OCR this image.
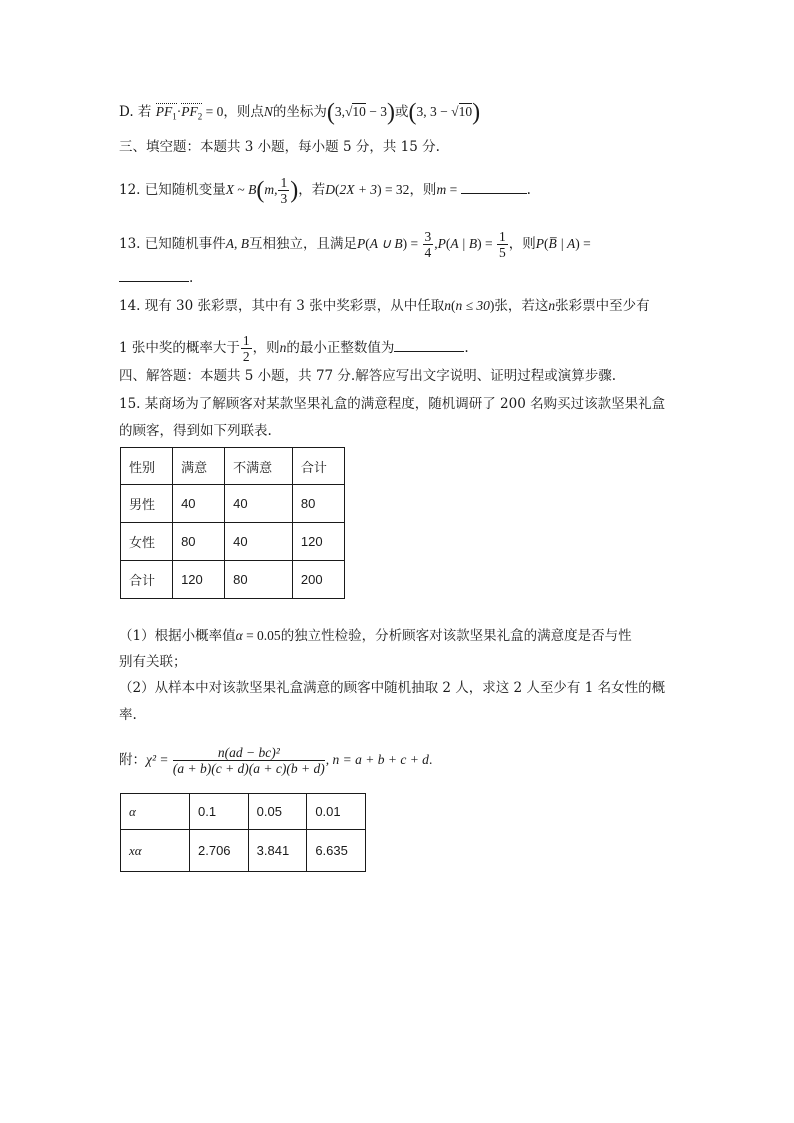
D. 若 $PF_1\cdot PF_2 = 0$，则点N的坐标为(3,√10 − 3)或(3, 3 − √10)
三、填空题：本题共 3 小题，每小题 5 分，共 15 分.
12. 已知随机变量X ~ B(m, $\frac{1}{3}$ )，若D(2X + 3) = 32，则m =	.
13. 已知随机事件A, B互相独立，且满足P(A ∪ $B) = \frac{3}{4} ,P(A$ | $B) = \frac{1}{5}$ ，则P(B̅ | A) =
.
14. 现有 30 张彩票，其中有 3 张中奖彩票，从中任取n(n ≤ 30)张，若这n张彩票中至少有
1 张中奖的概率大于 $\frac{1}{2}$ ，则n的最小正整数值为	.
四、解答题：本题共 5 小题，共 77 分.解答应写出文字说明、证明过程或演算步骤.
15. 某商场为了解顾客对某款坚果礼盒的满意程度，随机调研了 200 名购买过该款坚果礼盒
的顾客，得到如下列联表.
性别	满意	不满意	合计
男性	40	40	80
女性	80	40	120
合计	120	80	200
（1）根据小概率值α = 0.05的独立性检验，分析顾客对该款坚果礼盒的满意度是否与性
别有关联；
（2）从样本中对该款坚果礼盒满意的顾客中随机抽取 2 人，求这 2 人至少有 1 名女性的概
率.
附：$\chi^2 = \frac{\text{n(ad − bc)²}}{(a + b)(c + d)(a + c)(b + d)}$ , n = a + b + c + d.
α	0.1	0.05	0.01
xα	2.706	3.841	6.635
